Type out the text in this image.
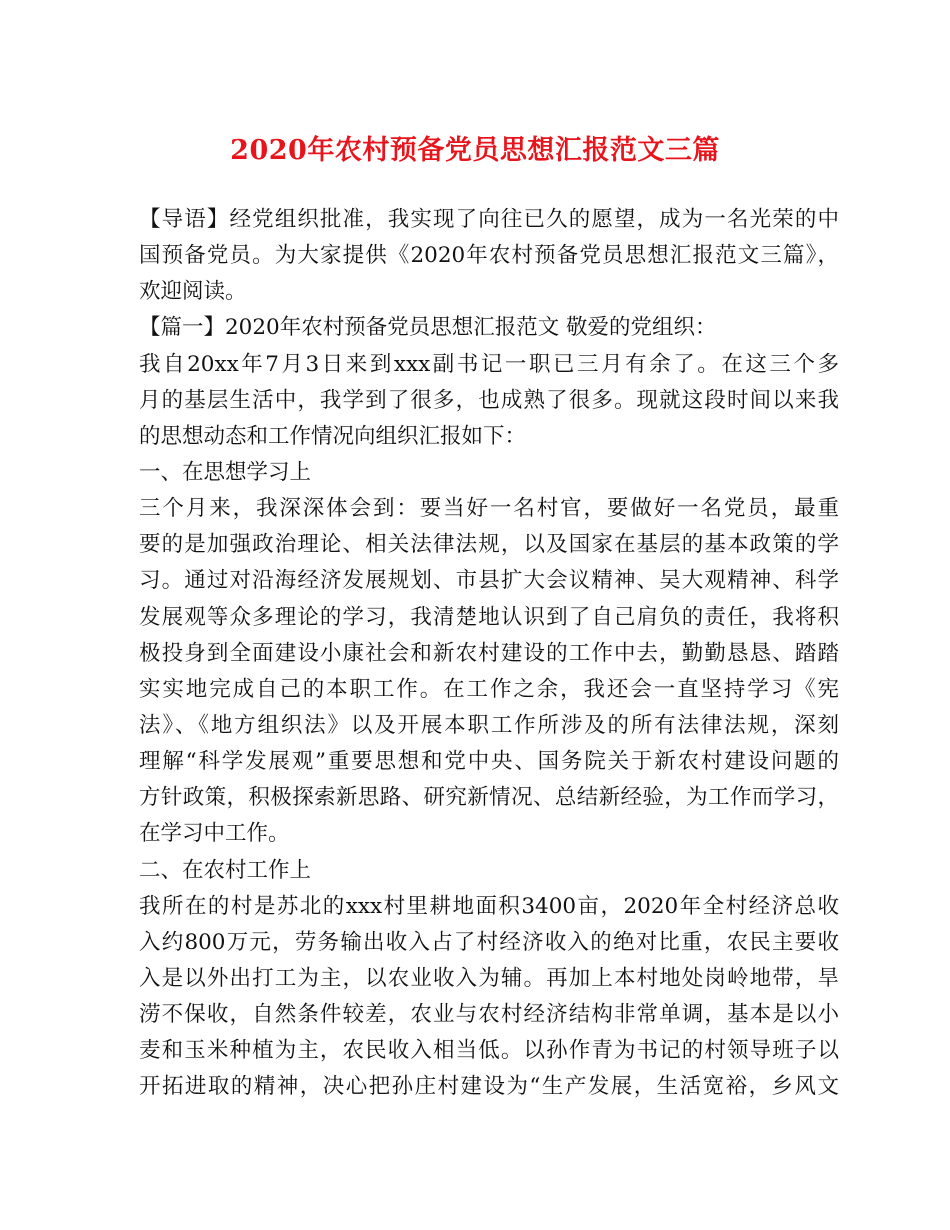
2020年农村预备党员思想汇报范文三篇
【导语】经党组织批准，我实现了向往已久的愿望，成为一名光荣的中
国预备党员。为大家提供《2020年农村预备党员思想汇报范文三篇》，
欢迎阅读。
【篇一】2020年农村预备党员思想汇报范文 敬爱的党组织：
我自20xx年7月3日来到xxx副书记一职已三月有余了。在这三个多
月的基层生活中，我学到了很多，也成熟了很多。现就这段时间以来我
的思想动态和工作情况向组织汇报如下：
一、在思想学习上
三个月来，我深深体会到：要当好一名村官，要做好一名党员，最重
要的是加强政治理论、相关法律法规，以及国家在基层的基本政策的学
习。通过对沿海经济发展规划、市县扩大会议精神、吴大观精神、科学
发展观等众多理论的学习，我清楚地认识到了自己肩负的责任，我将积
极投身到全面建设小康社会和新农村建设的工作中去，勤勤恳恳、踏踏
实实地完成自己的本职工作。在工作之余，我还会一直坚持学习《宪
法》、《地方组织法》以及开展本职工作所涉及的所有法律法规，深刻
理解“科学发展观”重要思想和党中央、国务院关于新农村建设问题的
方针政策，积极探索新思路、研究新情况、总结新经验，为工作而学习，
在学习中工作。
二、在农村工作上
我所在的村是苏北的xxx村里耕地面积3400亩，2020年全村经济总收
入约800万元，劳务输出收入占了村经济收入的绝对比重，农民主要收
入是以外出打工为主，以农业收入为辅。再加上本村地处岗岭地带，旱
涝不保收，自然条件较差，农业与农村经济结构非常单调，基本是以小
麦和玉米种植为主，农民收入相当低。以孙作青为书记的村领导班子以
开拓进取的精神，决心把孙庄村建设为“生产发展，生活宽裕，乡风文
